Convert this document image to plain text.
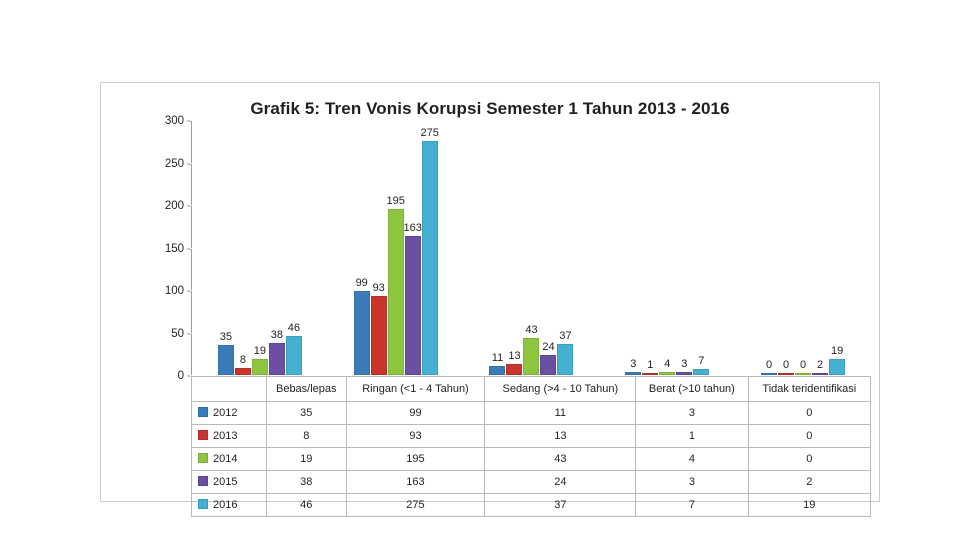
Grafik 5: Tren Vonis Korupsi Semester 1 Tahun 2013 - 2016
0
50
100
150
200
250
300
35
8
19
38
46
99 93
195
163
275
11 13
43
24
37
3 1 4 3 7	0 0 0 2
19
	Bebas/lepas	Ringan (<1 - 4 Tahun)	Sedang (>4 - 10 Tahun)	Berat (>10 tahun)	Tidak teridentifikasi
2012	35	99	11	3	0
2013	8	93	13	1	0
2014	19	195	43	4	0
2015	38	163	24	3	2
2016	46	275	37	7	19
